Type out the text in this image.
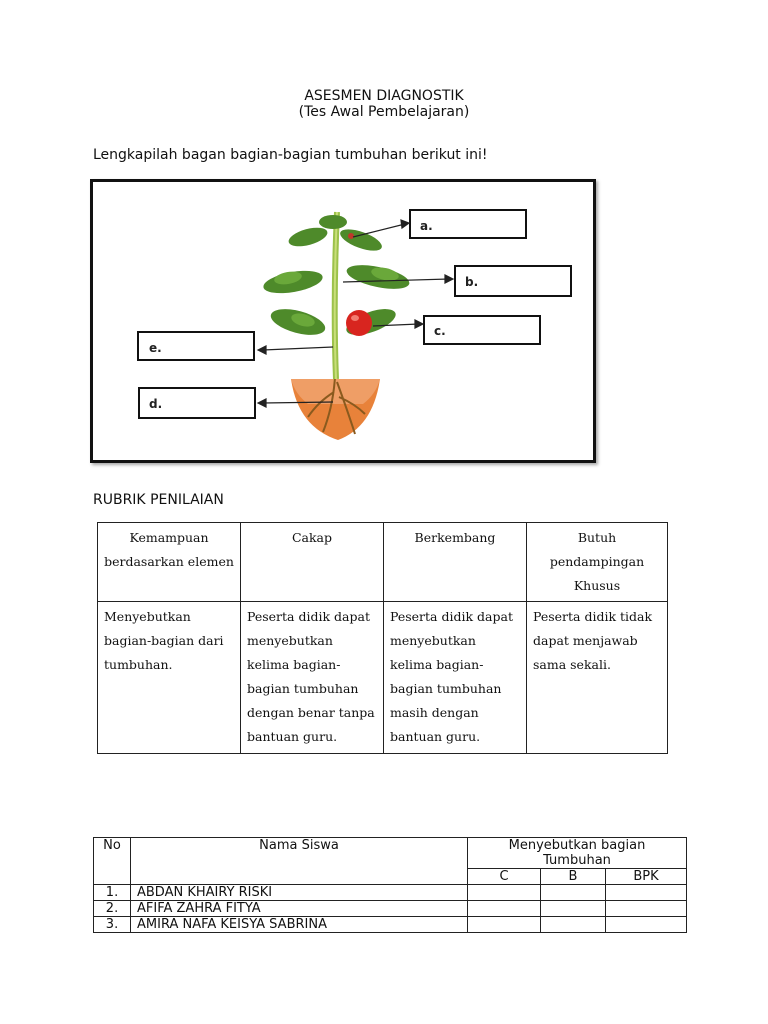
ASESMEN DIAGNOSTIK
(Tes Awal Pembelajaran)
Lengkapilah bagan bagian-bagian tumbuhan berikut ini!
a.
b.
c.
e.
d.
RUBRIK PENILAIAN
Kemampuan berdasarkan elemen	Cakap	Berkembang	Butuh pendampingan Khusus
Menyebutkan bagian-bagian dari tumbuhan.	Peserta didik dapat menyebutkan kelima bagian-bagian tumbuhan dengan benar tanpa bantuan guru.	Peserta didik dapat menyebutkan kelima bagian-bagian tumbuhan masih dengan bantuan guru.	Peserta didik tidak dapat menjawab sama sekali.
No	Nama Siswa	Menyebutkan bagian Tumbuhan		
		C	B	BPK
1.	ABDAN KHAIRY RISKI			
2.	AFIFA ZAHRA FITYA			
3.	AMIRA NAFA KEISYA SABRINA			
